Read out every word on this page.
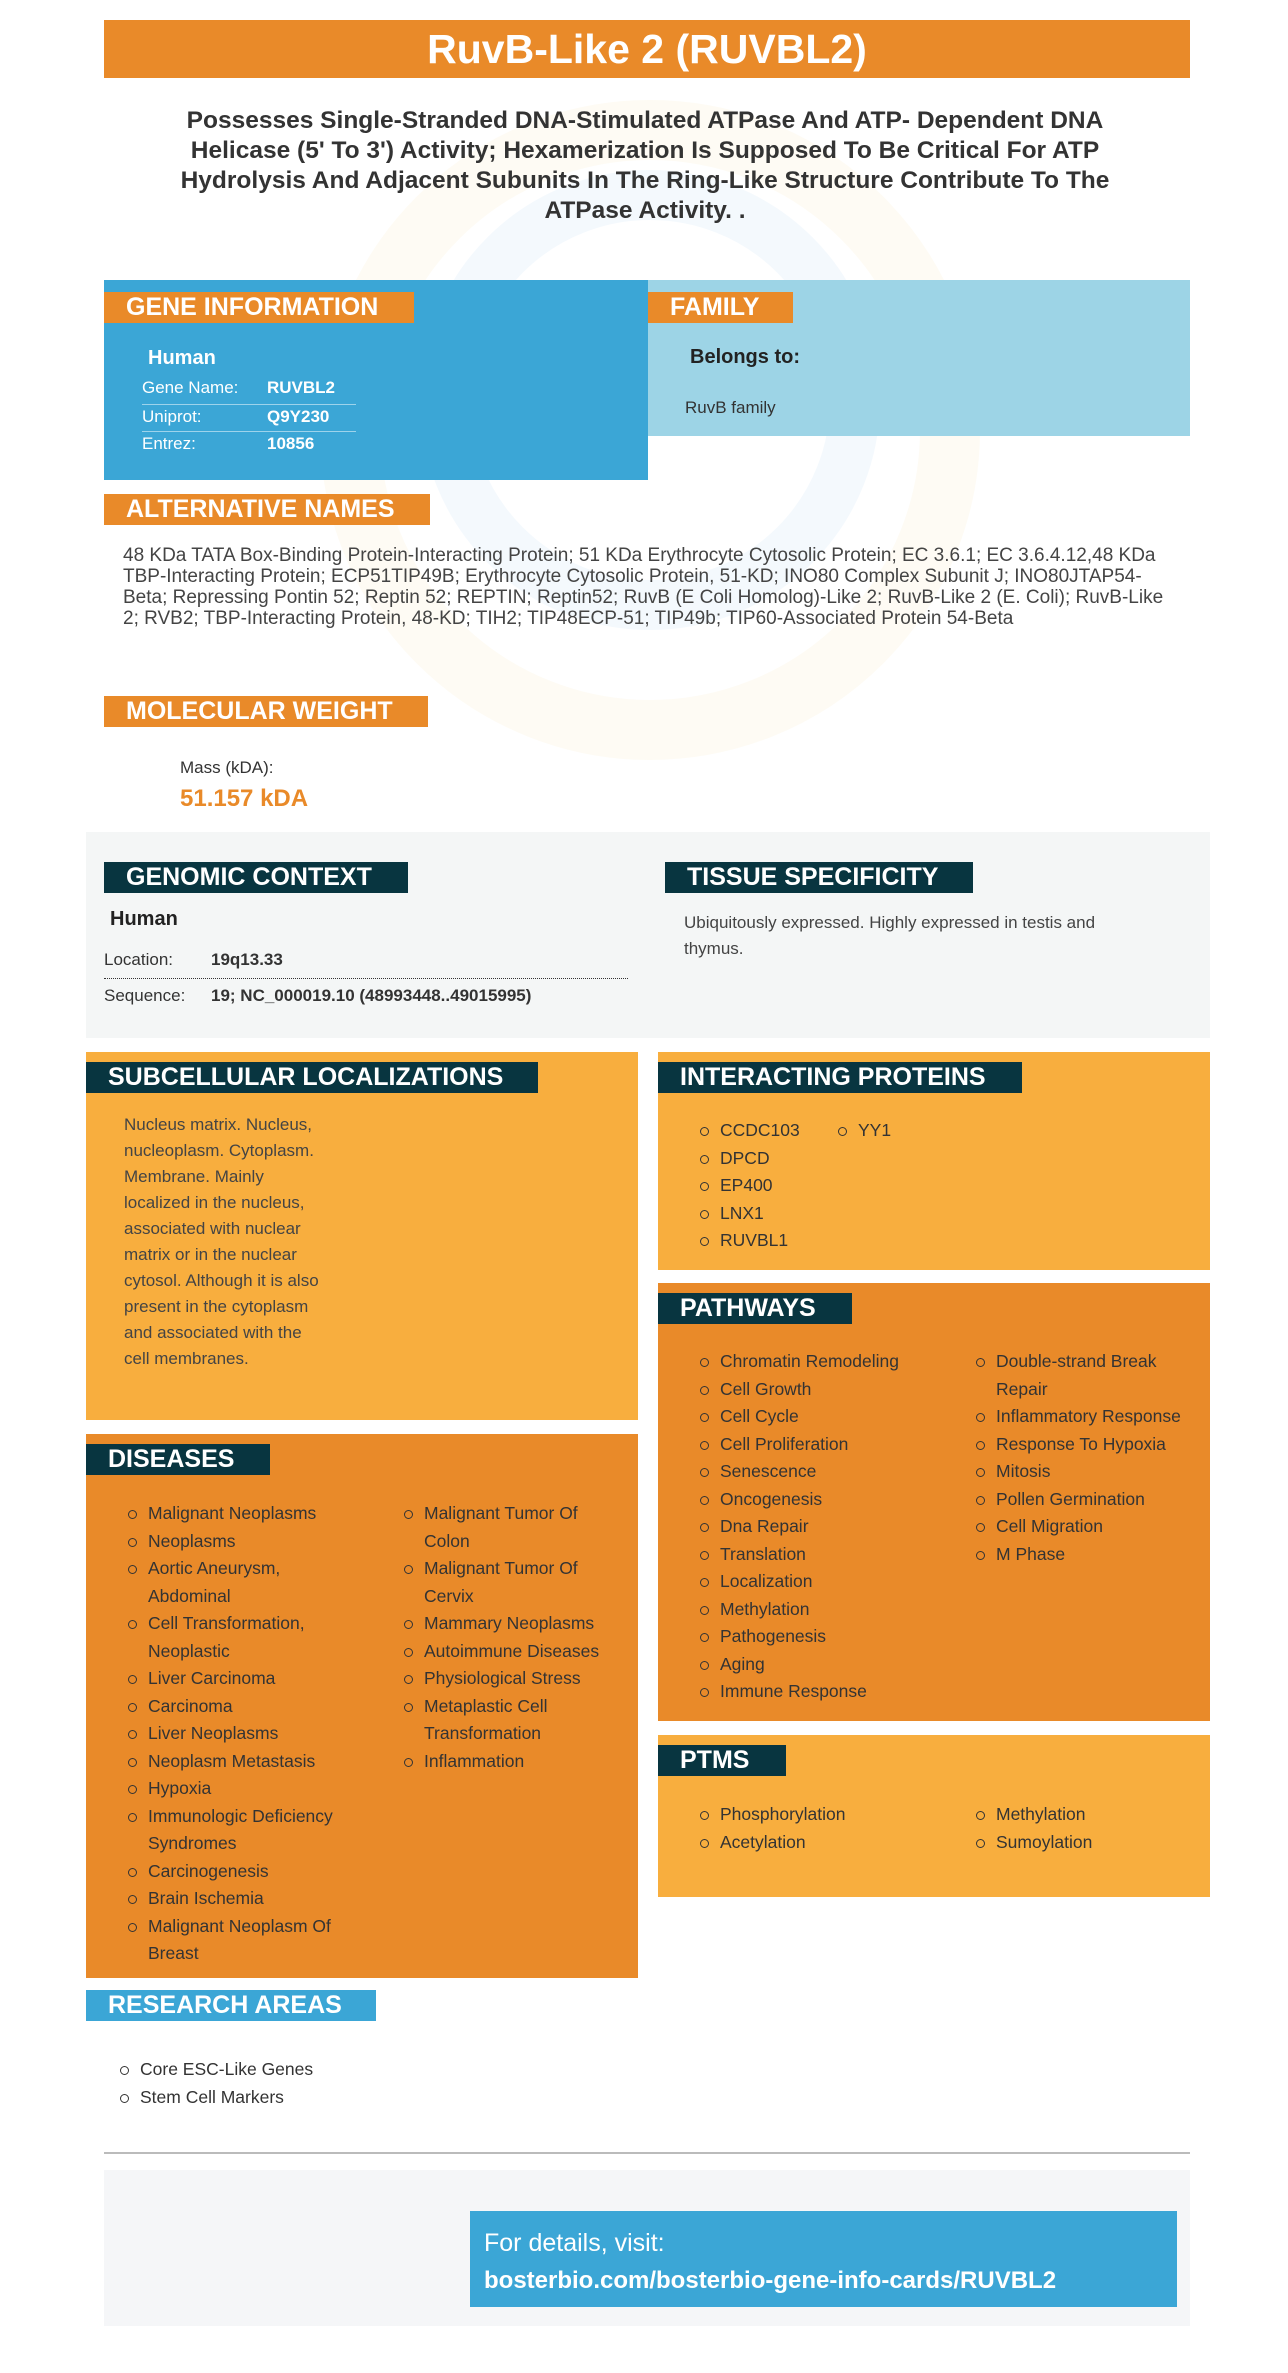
RuvB-Like 2 (RUVBL2)
Possesses Single-Stranded DNA-Stimulated ATPase And ATP- Dependent DNA Helicase (5' To 3') Activity; Hexamerization Is Supposed To Be Critical For ATP Hydrolysis And Adjacent Subunits In The Ring-Like Structure Contribute To The ATPase Activity. .
GENE INFORMATION
Human
Gene Name:	RUVBL2
Uniprot:	Q9Y230
Entrez:	10856
FAMILY
Belongs to:
RuvB family
ALTERNATIVE NAMES
48 KDa TATA Box-Binding Protein-Interacting Protein; 51 KDa Erythrocyte Cytosolic Protein; EC 3.6.1; EC 3.6.4.12,48 KDa TBP-Interacting Protein; ECP51TIP49B; Erythrocyte Cytosolic Protein, 51-KD; INO80 Complex Subunit J; INO80JTAP54-Beta; Repressing Pontin 52; Reptin 52; REPTIN; Reptin52; RuvB (E Coli Homolog)-Like 2; RuvB-Like 2 (E. Coli); RuvB-Like 2; RVB2; TBP-Interacting Protein, 48-KD; TIH2; TIP48ECP-51; TIP49b; TIP60-Associated Protein 54-Beta
MOLECULAR WEIGHT
Mass (kDA):
51.157 kDA
GENOMIC CONTEXT
Human
Location:	19q13.33
Sequence:	19; NC_000019.10 (48993448..49015995)
TISSUE SPECIFICITY
Ubiquitously expressed. Highly expressed in testis and thymus.
SUBCELLULAR LOCALIZATIONS
Nucleus matrix. Nucleus,
nucleoplasm. Cytoplasm.
Membrane. Mainly
localized in the nucleus,
associated with nuclear
matrix or in the nuclear
cytosol. Although it is also
present in the cytoplasm
and associated with the
cell membranes.
INTERACTING PROTEINS
CCDC103
DPCD
EP400
LNX1
RUVBL1
YY1
PATHWAYS
Chromatin Remodeling
Cell Growth
Cell Cycle
Cell Proliferation
Senescence
Oncogenesis
Dna Repair
Translation
Localization
Methylation
Pathogenesis
Aging
Immune Response
Double-strand Break
Repair
Inflammatory Response
Response To Hypoxia
Mitosis
Pollen Germination
Cell Migration
M Phase
DISEASES
Malignant Neoplasms
Neoplasms
Aortic Aneurysm,
Abdominal
Cell Transformation,
Neoplastic
Liver Carcinoma
Carcinoma
Liver Neoplasms
Neoplasm Metastasis
Hypoxia
Immunologic Deficiency
Syndromes
Carcinogenesis
Brain Ischemia
Malignant Neoplasm Of
Breast
Malignant Tumor Of
Colon
Malignant Tumor Of
Cervix
Mammary Neoplasms
Autoimmune Diseases
Physiological Stress
Metaplastic Cell
Transformation
Inflammation	PTMS
Phosphorylation
Acetylation
Methylation
Sumoylation
RESEARCH AREAS
Core ESC-Like Genes
Stem Cell Markers
For details, visit:
bosterbio.com/bosterbio-gene-info-cards/RUVBL2
